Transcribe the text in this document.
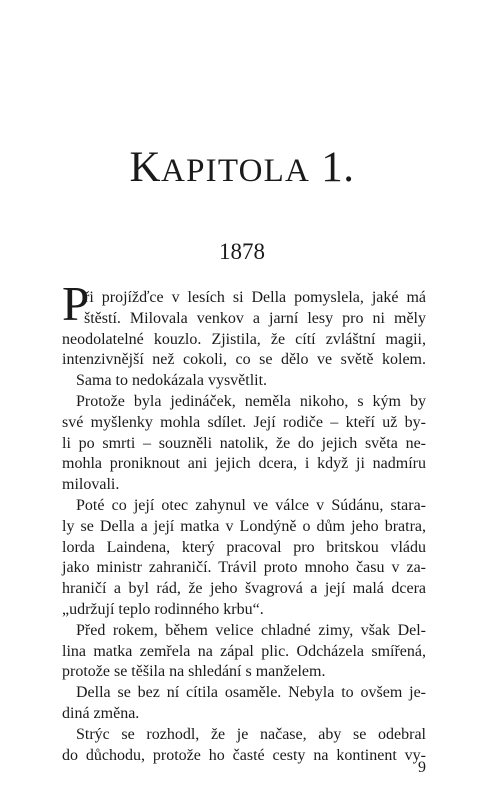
KAPITOLA 1.

1878

P
ři projížďce v lesích si Della pomyslela, jaké má
štěstí. Milovala venkov a jarní lesy pro ni měly
neodolatelné kouzlo. Zjistila, že cítí zvláštní magii,
intenzivnější než cokoli, co se dělo ve světě kolem.
Sama to nedokázala vysvětlit.
Protože byla jedináček, neměla nikoho, s kým by
své myšlenky mohla sdílet. Její rodiče – kteří už by-
li po smrti – souzněli natolik, že do jejich světa ne-
mohla proniknout ani jejich dcera, i když ji nadmíru
milovali.
Poté co její otec zahynul ve válce v Súdánu, stara-
ly se Della a její matka v Londýně o dům jeho bratra,
lorda Laindena, který pracoval pro britskou vládu
jako ministr zahraničí. Trávil proto mnoho času v za-
hraničí a byl rád, že jeho švagrová a její malá dcera
„udržují teplo rodinného krbu“.
Před rokem, během velice chladné zimy, však Del-
lina matka zemřela na zápal plic. Odcházela smířená,
protože se těšila na shledání s manželem.
Della se bez ní cítila osaměle. Nebyla to ovšem je-
diná změna.
Strýc se rozhodl, že je načase, aby se odebral
do důchodu, protože ho časté cesty na kontinent vy-

9
